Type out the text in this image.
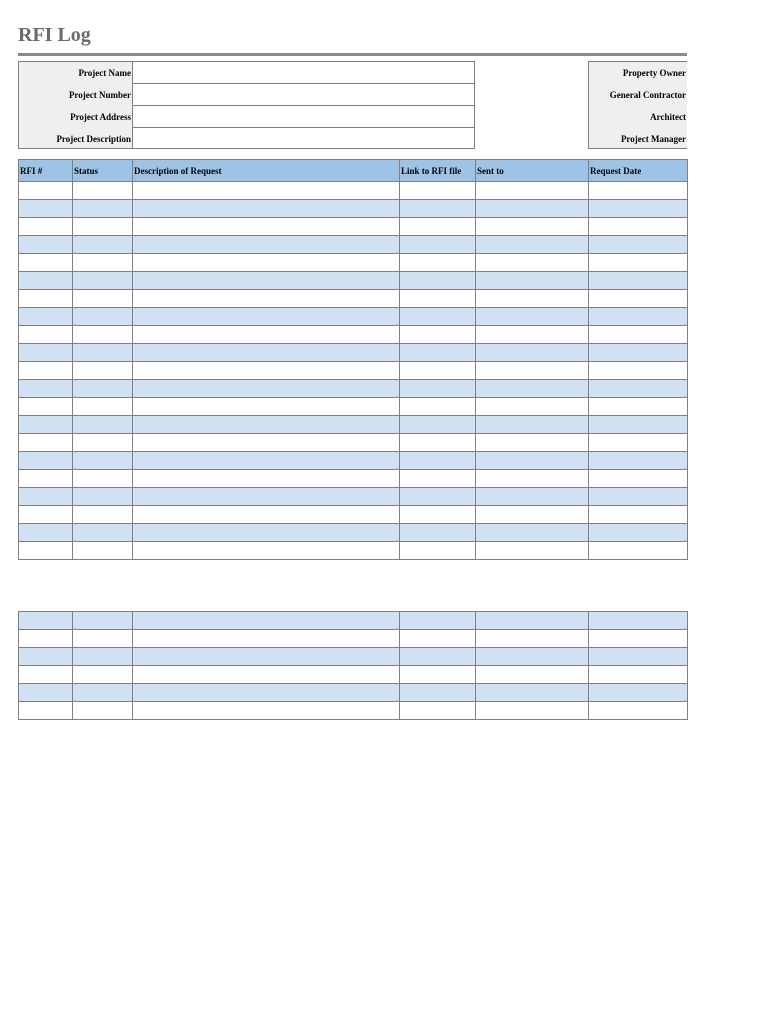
RFI Log
Project Name
Project Number
Project Address
Project Description
Property Owner
General Contractor
Architect
Project Manager
RFI #	Status	Description of Request	Link to RFI file	Sent to	Request Date
